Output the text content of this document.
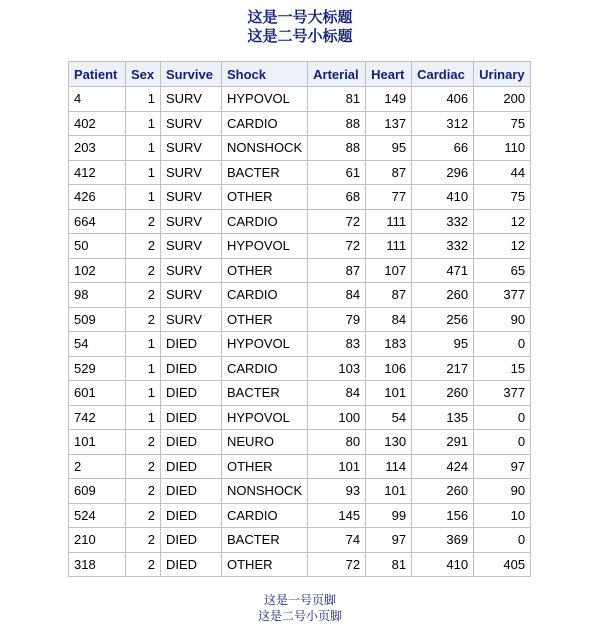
这是一号大标题
这是二号小标题
Patient	Sex	Survive	Shock	Arterial	Heart	Cardiac	Urinary
4	1	SURV	HYPOVOL	81	149	406	200
402	1	SURV	CARDIO	88	137	312	75
203	1	SURV	NONSHOCK	88	95	66	110
412	1	SURV	BACTER	61	87	296	44
426	1	SURV	OTHER	68	77	410	75
664	2	SURV	CARDIO	72	111	332	12
50	2	SURV	HYPOVOL	72	111	332	12
102	2	SURV	OTHER	87	107	471	65
98	2	SURV	CARDIO	84	87	260	377
509	2	SURV	OTHER	79	84	256	90
54	1	DIED	HYPOVOL	83	183	95	0
529	1	DIED	CARDIO	103	106	217	15
601	1	DIED	BACTER	84	101	260	377
742	1	DIED	HYPOVOL	100	54	135	0
101	2	DIED	NEURO	80	130	291	0
2	2	DIED	OTHER	101	114	424	97
609	2	DIED	NONSHOCK	93	101	260	90
524	2	DIED	CARDIO	145	99	156	10
210	2	DIED	BACTER	74	97	369	0
318	2	DIED	OTHER	72	81	410	405
这是一号页脚
这是二号小页脚
